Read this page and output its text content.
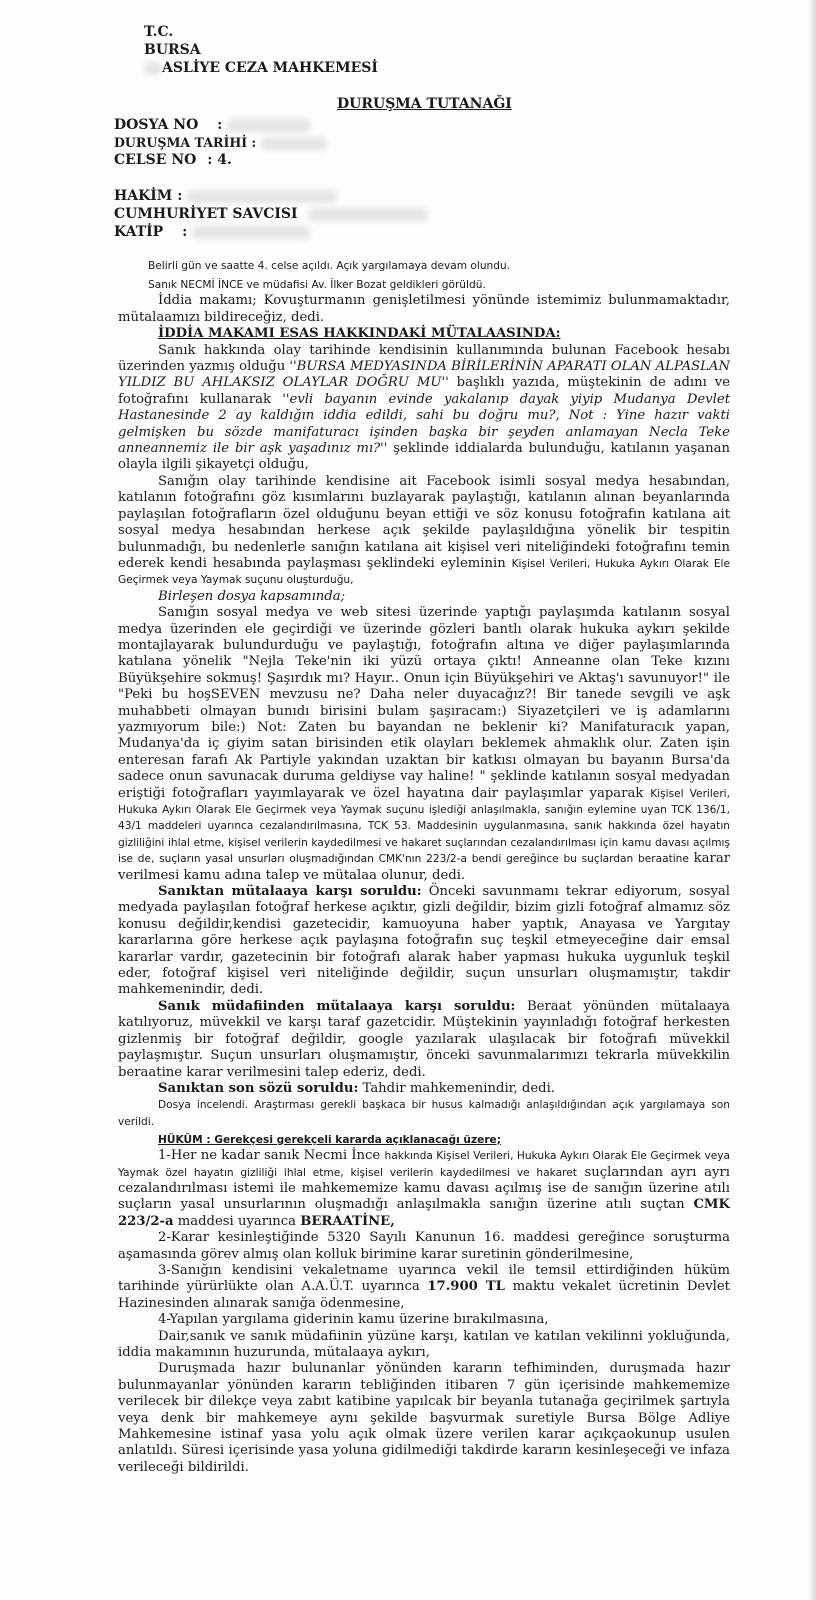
T.C.
BURSA
ASLİYE CEZA MAHKEMESİ
DURUŞMA TUTANAĞI
DOSYA NO :
DURUŞMA TARİHİ :
CELSE NO : 4.
HAKİM :
CUMHURİYET SAVCISI
KATİP :

Belirli gün ve saatte 4. celse açıldı. Açık yargılamaya devam olundu.

Sanık NECMİ İNCE ve müdafisi Av. İlker Bozat geldikleri görüldü.

İddia makamı; Kovuşturmanın genişletilmesi yönünde istemimiz bulunmamaktadır, mütalaamızı bildireceğiz, dedi.

İDDİA MAKAMI ESAS HAKKINDAKİ MÜTALAASINDA:

Sanık hakkında olay tarihinde kendisinin kullanımında bulunan Facebook hesabı üzerinden yazmış olduğu ''BURSA MEDYASINDA BİRİLERİNİN APARATI OLAN ALPASLAN YILDIZ BU AHLAKSIZ OLAYLAR DOĞRU MU'' başlıklı yazıda, müştekinin de adını ve fotoğrafını kullanarak ''evli bayanın evinde yakalanıp dayak yiyip Mudanya Devlet Hastanesinde 2 ay kaldığın iddia edildi, sahi bu doğru mu?, Not : Yine hazır vakti gelmişken bu sözde manifaturacı işinden başka bir şeyden anlamayan Necla Teke anneannemiz ile bir aşk yaşadınız mı?'' şeklinde iddialarda bulunduğu, katılanın yaşanan olayla ilgili şikayetçi olduğu,

Sanığın olay tarihinde kendisine ait Facebook isimli sosyal medya hesabından, katılanın fotoğrafını göz kısımlarını buzlayarak paylaştığı, katılanın alınan beyanlarında paylaşılan fotoğrafların özel olduğunu beyan ettiği ve söz konusu fotoğrafın katılana ait sosyal medya hesabından herkese açık şekilde paylaşıldığına yönelik bir tespitin bulunmadığı, bu nedenlerle sanığın katılana ait kişisel veri niteliğindeki fotoğrafını temin ederek kendi hesabında paylaşması şeklindeki eyleminin Kişisel Verileri, Hukuka Aykırı Olarak Ele Geçirmek veya Yaymak suçunu oluşturduğu,

Birleşen dosya kapsamında;

Sanığın sosyal medya ve web sitesi üzerinde yaptığı paylaşımda katılanın sosyal medya üzerinden ele geçirdiği ve üzerinde gözleri bantlı olarak hukuka aykırı şekilde montajlayarak bulundurduğu ve paylaştığı, fotoğrafın altına ve diğer paylaşımlarında katılana yönelik "Nejla Teke'nin iki yüzü ortaya çıktı! Anneanne olan Teke kızını Büyükşehire sokmuş! Şaşırdık mı? Hayır.. Onun için Büyükşehiri ve Aktaş'ı savunuyor!" ile "Peki bu hoşSEVEN mevzusu ne? Daha neler duyacağız?! Bir tanede sevgili ve aşk muhabbeti olmayan bunıdı birisini bulam şaşıracam:) Siyazetçileri ve iş adamlarını yazmıyorum bile:) Not: Zaten bu bayandan ne beklenir ki? Manifaturacık yapan, Mudanya'da iç giyim satan birisinden etik olayları beklemek ahmaklık olur. Zaten işin enteresan farafı Ak Partiyle yakından uzaktan bir katkısı olmayan bu bayanın Bursa'da sadece onun savunacak duruma geldiyse vay haline! " şeklinde katılanın sosyal medyadan eriştiği fotoğrafları yayımlayarak ve özel hayatına dair paylaşımlar yaparak Kişisel Verileri, Hukuka Aykırı Olarak Ele Geçirmek veya Yaymak suçunu işlediği anlaşılmakla, sanığın eylemine uyan TCK 136/1, 43/1 maddeleri uyarınca cezalandırılmasına, TCK 53. Maddesinin uygulanmasına, sanık hakkında özel hayatın gizliliğini ihlal etme, kişisel verilerin kaydedilmesi ve hakaret suçlarından cezalandırılması için kamu davası açılmış ise de, suçların yasal unsurları oluşmadığından CMK'nın 223/2-a bendi gereğince bu suçlardan beraatine karar verilmesi kamu adına talep ve mütalaa olunur, dedi.

Sanıktan mütalaaya karşı soruldu: Önceki savunmamı tekrar ediyorum, sosyal medyada paylaşılan fotoğraf herkese açıktır, gizli değildir, bizim gizli fotoğraf almamız söz konusu değildir,kendisi gazetecidir, kamuoyuna haber yaptık, Anayasa ve Yargıtay kararlarına göre herkese açık paylaşına fotoğrafın suç teşkil etmeyeceğine dair emsal kararlar vardır, gazetecinin bir fotoğrafı alarak haber yapması hukuka uygunluk teşkil eder, fotoğraf kişisel veri niteliğinde değildir, suçun unsurları oluşmamıştır, takdir mahkemenindir, dedi.

Sanık müdafiinden mütalaaya karşı soruldu: Beraat yönünden mütalaaya katılıyoruz, müvekkil ve karşı taraf gazetcidir. Müştekinin yayınladığı fotoğraf herkesten gizlenmiş bir fotoğraf değildir, google yazılarak ulaşılacak bir fotoğrafı müvekkil paylaşmıştır. Suçun unsurları oluşmamıştır, önceki savunmalarımızı tekrarla müvekkilin beraatine karar verilmesini talep ederiz, dedi.

Sanıktan son sözü soruldu: Tahdir mahkemenindir, dedi.

Dosya incelendi. Araştırması gerekli başkaca bir husus kalmadığı anlaşıldığından açık yargılamaya son verildi.

HÜKÜM : Gerekçesi gerekçeli kararda açıklanacağı üzere;

1-Her ne kadar sanık Necmi İnce hakkında Kişisel Verileri, Hukuka Aykırı Olarak Ele Geçirmek veya Yaymak özel hayatın gizliliği ihlal etme, kişisel verilerin kaydedilmesi ve hakaret suçlarından ayrı ayrı cezalandırılması istemi ile mahkememize kamu davası açılmış ise de sanığın üzerine atılı suçların yasal unsurlarının oluşmadığı anlaşılmakla sanığın üzerine atılı suçtan CMK 223/2-a maddesi uyarınca BERAATİNE,

2-Karar kesinleştiğinde 5320 Sayılı Kanunun 16. maddesi gereğince soruşturma aşamasında görev almış olan kolluk birimine karar suretinin gönderilmesine,

3-Sanığın kendisini vekaletname uyarınca vekil ile temsil ettirdiğinden hüküm tarihinde yürürlükte olan A.A.Ü.T. uyarınca 17.900 TL maktu vekalet ücretinin Devlet Hazinesinden alınarak sanığa ödenmesine,

4-Yapılan yargılama giderinin kamu üzerine bırakılmasına,

Dair,sanık ve sanık müdafiinin yüzüne karşı, katılan ve katılan vekilinni yokluğunda, iddia makamının huzurunda, mütalaaya aykırı,

Duruşmada hazır bulunanlar yönünden kararın tefhiminden, duruşmada hazır bulunmayanlar yönünden kararın tebliğinden itibaren 7 gün içerisinde mahkememize verilecek bir dilekçe veya zabıt katibine yapılcak bir beyanla tutanağa geçirilmek şartıyla veya denk bir mahkemeye aynı şekilde başvurmak suretiyle Bursa Bölge Adliye Mahkemesine istinaf yasa yolu açık olmak üzere verilen karar açıkçaokunup usulen anlatıldı. Süresi içerisinde yasa yoluna gidilmediği takdirde kararın kesinleşeceği ve infaza verileceği bildirildi.
